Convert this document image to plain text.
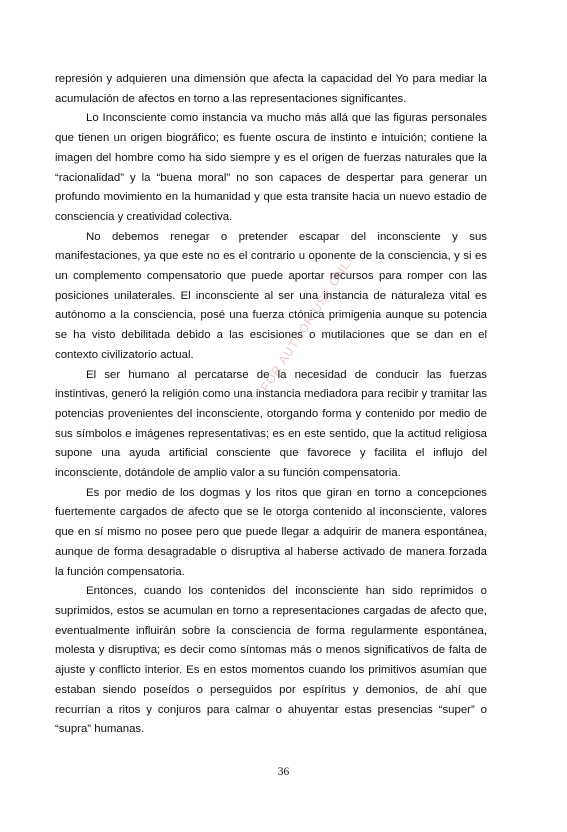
represión y adquieren una dimensión que afecta la capacidad del Yo para mediar la acumulación de afectos en torno a las representaciones significantes.

Lo Inconsciente como instancia va mucho más allá que las figuras personales que tienen un origen biográfico; es fuente oscura de instinto e intuición; contiene la imagen del hombre como ha sido siempre y es el origen de fuerzas naturales que la “racionalidad” y la “buena moral” no son capaces de despertar para generar un profundo movimiento en la humanidad y que esta transite hacia un nuevo estadio de consciencia y creatividad colectiva.

No debemos renegar o pretender escapar del inconsciente y sus manifestaciones, ya que este no es el contrario u oponente de la consciencia, y si es un complemento compensatorio que puede aportar recursos para romper con las posiciones unilaterales. El inconsciente al ser una instancia de naturaleza vital es autónomo a la consciencia, posé una fuerza ctónica primigenia aunque su potencia se ha visto debilitada debido a las escisiones o mutilaciones que se dan en el contexto civilizatorio actual.

El ser humano al percatarse de la necesidad de conducir las fuerzas instintivas, generó la religión como una instancia mediadora para recibir y tramitar las potencias provenientes del inconsciente, otorgando forma y contenido por medio de sus símbolos e imágenes representativas; es en este sentido, que la actitud religiosa supone una ayuda artificial consciente que favorece y facilita el influjo del inconsciente, dotándole de amplio valor a su función compensatoria.

Es por medio de los dogmas y los ritos que giran en torno a concepciones fuertemente cargados de afecto que se le otorga contenido al inconsciente, valores que en sí mismo no posee pero que puede llegar a adquirir de manera espontánea, aunque de forma desagradable o disruptiva al haberse activado de manera forzada la función compensatoria.

Entonces, cuando los contenidos del inconsciente han sido reprimidos o suprimidos, estos se acumulan en torno a representaciones cargadas de afecto que, eventualmente influirán sobre la consciencia de forma regularmente espontánea, molesta y disruptiva; es decir como síntomas más o menos significativos de falta de ajuste y conflicto interior. Es en estos momentos cuando los primitivos asumían que estaban siendo poseídos o perseguidos por espíritus y demonios, de ahí que recurrían a ritos y conjuros para calmar o ahuyentar estas presencias “super” o “supra” humanas.

FOR AUTHOR USE ONLY
36
